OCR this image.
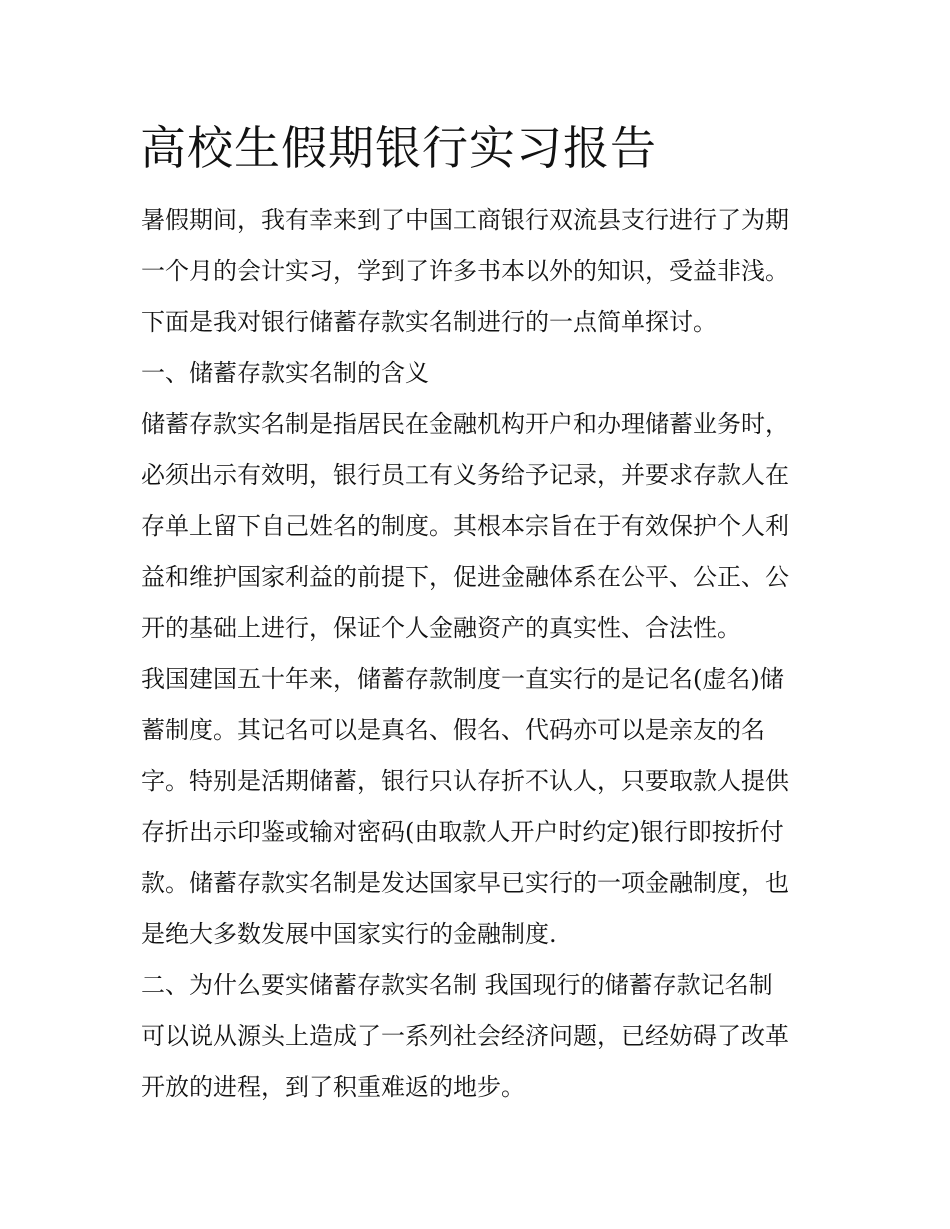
高校生假期银行实习报告
暑假期间，我有幸来到了中国工商银行双流县支行进行了为期
一个月的会计实习，学到了许多书本以外的知识，受益非浅。
下面是我对银行储蓄存款实名制进行的一点简单探讨。
一、储蓄存款实名制的含义
储蓄存款实名制是指居民在金融机构开户和办理储蓄业务时，
必须出示有效明，银行员工有义务给予记录，并要求存款人在
存单上留下自己姓名的制度。其根本宗旨在于有效保护个人利
益和维护国家利益的前提下，促进金融体系在公平、公正、公
开的基础上进行，保证个人金融资产的真实性、合法性。
我国建国五十年来，储蓄存款制度一直实行的是记名(虚名)储
蓄制度。其记名可以是真名、假名、代码亦可以是亲友的名
字。特别是活期储蓄，银行只认存折不认人，只要取款人提供
存折出示印鉴或输对密码(由取款人开户时约定)银行即按折付
款。储蓄存款实名制是发达国家早已实行的一项金融制度，也
是绝大多数发展中国家实行的金融制度.
二、为什么要实储蓄存款实名制 我国现行的储蓄存款记名制
可以说从源头上造成了一系列社会经济问题，已经妨碍了改革
开放的进程，到了积重难返的地步。
